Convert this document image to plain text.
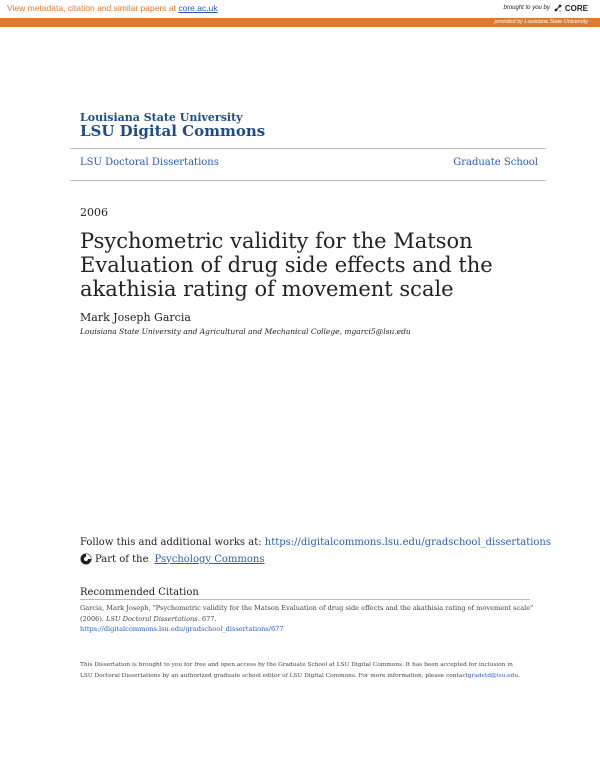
View metadata, citation and similar papers at core.ac.uk	brought to you by CORE
provided by Louisiana State University
Louisiana State University
LSU Digital Commons
LSU Doctoral Dissertations	Graduate School
2006
Psychometric validity for the Matson Evaluation of drug side effects and the akathisia rating of movement scale
Mark Joseph Garcia
Louisiana State University and Agricultural and Mechanical College, mgarci5@lsu.edu
Follow this and additional works at: https://digitalcommons.lsu.edu/gradschool_dissertations
Part of the Psychology Commons
Recommended Citation
Garcia, Mark Joseph, "Psychometric validity for the Matson Evaluation of drug side effects and the akathisia rating of movement scale"
(2006). LSU Doctoral Dissertations. 677.
https://digitalcommons.lsu.edu/gradschool_dissertations/677
This Dissertation is brought to you for free and open access by the Graduate School at LSU Digital Commons. It has been accepted for inclusion in
LSU Doctoral Dissertations by an authorized graduate school editor of LSU Digital Commons. For more information, please contactgradetd@lsu.edu.
